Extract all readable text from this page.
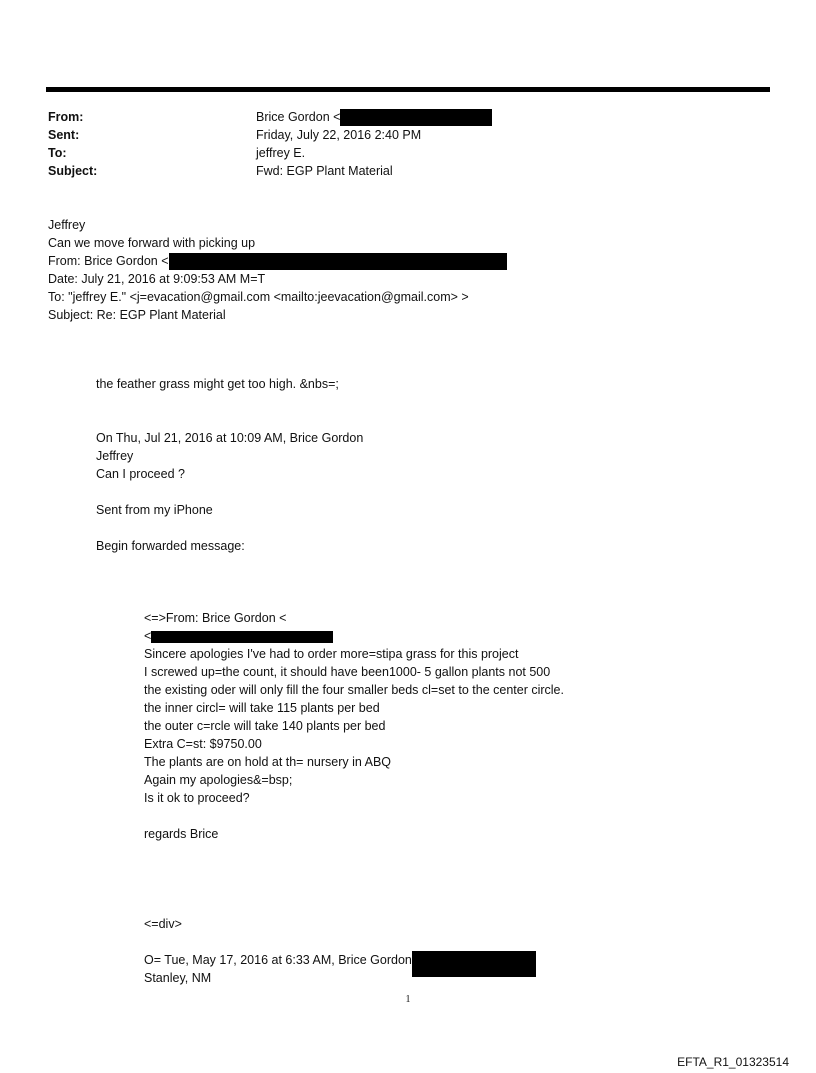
From:	Brice Gordon <
Sent:	Friday, July 22, 2016 2:40 PM
To:	jeffrey E.
Subject:	Fwd: EGP Plant Material
Jeffrey
Can we move forward with picking up
From: Brice Gordon <
Date: July 21, 2016 at 9:09:53 AM M=T
To: "jeffrey E." <j=evacation@gmail.com <mailto:jeevacation@gmail.com> >
Subject: Re: EGP Plant Material
the feather grass might get too high. &nbs=;
On Thu, Jul 21, 2016 at 10:09 AM, Brice Gordon
Jeffrey
Can I proceed ?
Sent from my iPhone
Begin forwarded message:
<=>From: Brice Gordon <
<
Sincere apologies I've had to order more=stipa grass for this project
I screwed up=the count, it should have been1000- 5 gallon plants not 500
the existing oder will only fill the four smaller beds cl=set to the center circle.
the inner circl= will take 115 plants per bed
the outer c=rcle will take 140 plants per bed
Extra C=st: $9750.00
The plants are on hold at th= nursery in ABQ
Again my apologies&=bsp;
Is it ok to proceed?
regards Brice
<=div>
O= Tue, May 17, 2016 at 6:33 AM, Brice Gordon
Stanley, NM
1
EFTA_R1_01323514
